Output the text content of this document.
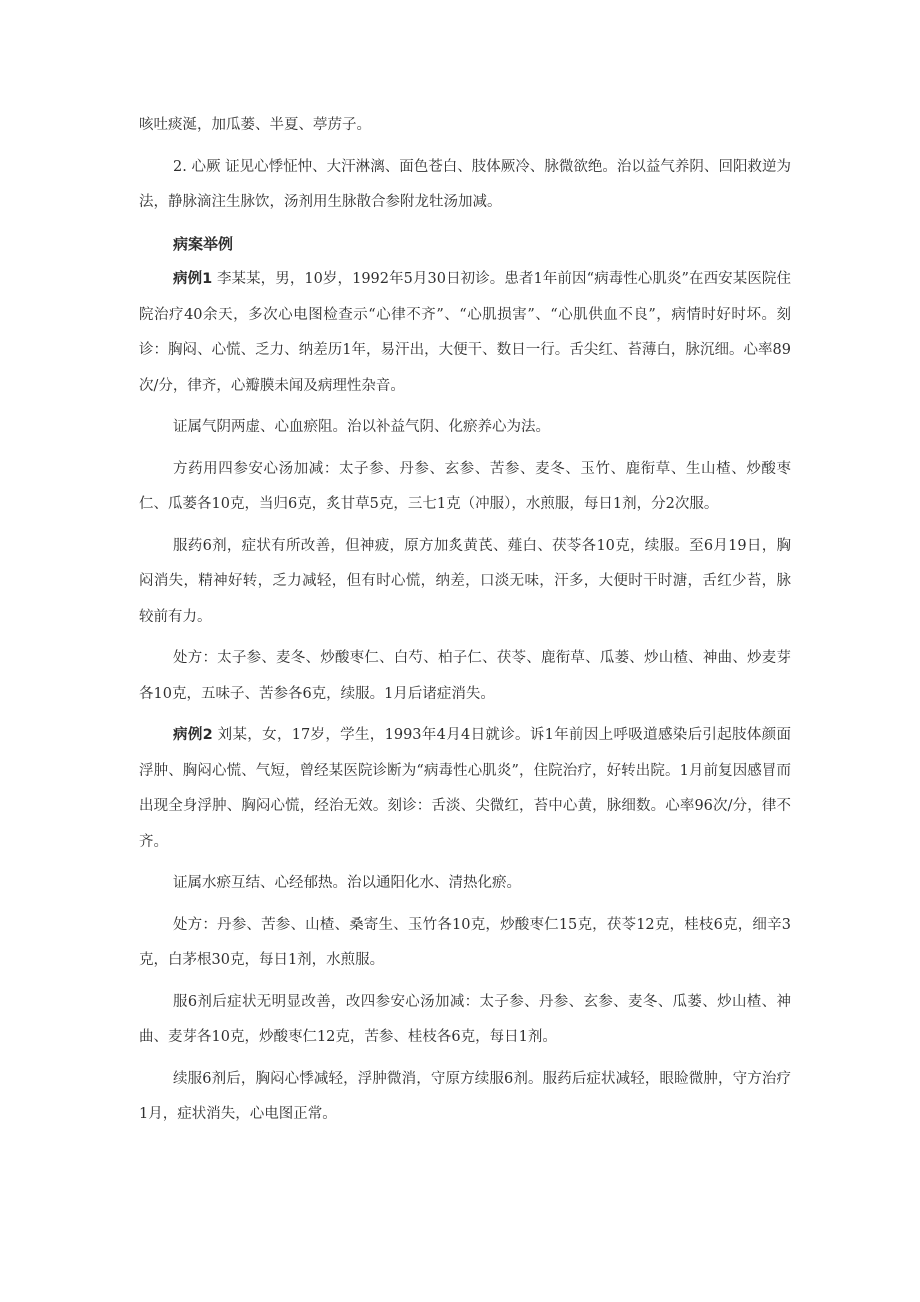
咳吐痰涎，加瓜蒌、半夏、葶苈子。

2. 心厥 证见心悸怔忡、大汗淋漓、面色苍白、肢体厥冷、脉微欲绝。治以益气养阴、回阳救逆为法，静脉滴注生脉饮，汤剂用生脉散合参附龙牡汤加减。

病案举例

病例1 李某某，男，10岁，1992年5月30日初诊。患者1年前因“病毒性心肌炎”在西安某医院住院治疗40余天，多次心电图检查示“心律不齐”、“心肌损害”、“心肌供血不良”，病情时好时坏。刻诊：胸闷、心慌、乏力、纳差历1年，易汗出，大便干、数日一行。舌尖红、苔薄白，脉沉细。心率89次/分，律齐，心瓣膜未闻及病理性杂音。

证属气阴两虚、心血瘀阻。治以补益气阴、化瘀养心为法。

方药用四参安心汤加减：太子参、丹参、玄参、苦参、麦冬、玉竹、鹿衔草、生山楂、炒酸枣仁、瓜蒌各10克，当归6克，炙甘草5克，三七1克（冲服），水煎服，每日1剂，分2次服。

服药6剂，症状有所改善，但神疲，原方加炙黄芪、薤白、茯苓各10克，续服。至6月19日，胸闷消失，精神好转，乏力减轻，但有时心慌，纳差，口淡无味，汗多，大便时干时溏，舌红少苔，脉较前有力。

处方：太子参、麦冬、炒酸枣仁、白芍、柏子仁、茯苓、鹿衔草、瓜蒌、炒山楂、神曲、炒麦芽各10克，五味子、苦参各6克，续服。1月后诸症消失。

病例2 刘某，女，17岁，学生，1993年4月4日就诊。诉1年前因上呼吸道感染后引起肢体颜面浮肿、胸闷心慌、气短，曾经某医院诊断为“病毒性心肌炎”，住院治疗，好转出院。1月前复因感冒而出现全身浮肿、胸闷心慌，经治无效。刻诊：舌淡、尖微红，苔中心黄，脉细数。心率96次/分，律不齐。

证属水瘀互结、心经郁热。治以通阳化水、清热化瘀。

处方：丹参、苦参、山楂、桑寄生、玉竹各10克，炒酸枣仁15克，茯苓12克，桂枝6克，细辛3克，白茅根30克，每日1剂，水煎服。

服6剂后症状无明显改善，改四参安心汤加减：太子参、丹参、玄参、麦冬、瓜蒌、炒山楂、神曲、麦芽各10克，炒酸枣仁12克，苦参、桂枝各6克，每日1剂。

续服6剂后，胸闷心悸减轻，浮肿微消，守原方续服6剂。服药后症状减轻，眼睑微肿，守方治疗1月，症状消失，心电图正常。
